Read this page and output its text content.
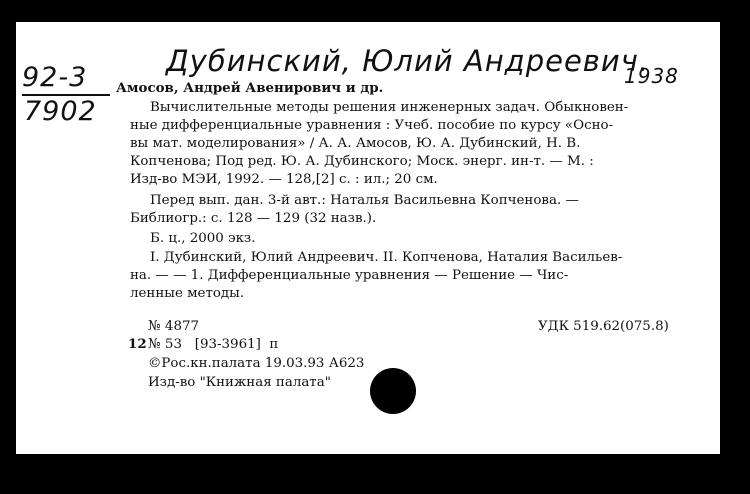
92-3
7902
Дубинский, Юлий Андреевич.
1938
Амосов, Андрей Авенирович и др.
Вычислительные методы решения инженерных задач. Обыкновен-
ные дифференциальные уравнения : Учеб. пособие по курсу «Осно-
вы мат. моделирования» / А. А. Амосов, Ю. А. Дубинский, Н. В.
Копченова; Под ред. Ю. А. Дубинского; Моск. энерг. ин-т. — М. :
Изд-во МЭИ, 1992. — 128,[2] с. : ил.; 20 см.
Перед вып. дан. 3-й авт.: Наталья Васильевна Копченова. —
Библиогр.: с. 128 — 129 (32 назв.).
Б. ц., 2000 экз.
I. Дубинский, Юлий Андреевич. II. Копченова, Наталия Васильев-
на. — — 1. Дифференциальные уравнения — Решение — Чис-
ленные методы.
№ 4877	УДК 519.62(075.8)
12 № 53   [93-3961]  п
©Рос.кн.палата 19.03.93 А623
Изд-во "Книжная палата"
